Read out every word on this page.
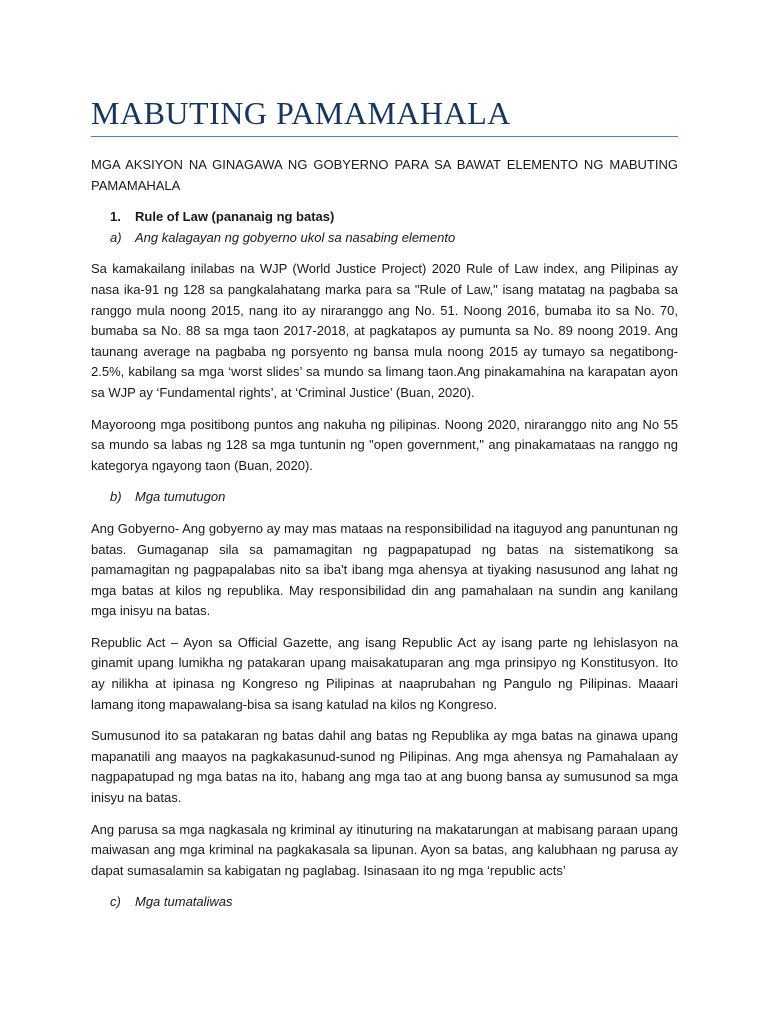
MABUTING PAMAMAHALA

MGA AKSIYON NA GINAGAWA NG GOBYERNO PARA SA BAWAT ELEMENTO NG MABUTING PAMAMAHALA

1.	Rule of Law (pananaig ng batas)

a)	Ang kalagayan ng gobyerno ukol sa nasabing elemento

Sa kamakailang inilabas na WJP (World Justice Project) 2020 Rule of Law index, ang Pilipinas ay nasa ika-91 ng 128 sa pangkalahatang marka para sa "Rule of Law," isang matatag na pagbaba sa ranggo mula noong 2015, nang ito ay niraranggo ang No. 51. Noong 2016, bumaba ito sa No. 70, bumaba sa No. 88 sa mga taon 2017-2018, at pagkatapos ay pumunta sa No. 89 noong 2019. Ang taunang average na pagbaba ng porsyento ng bansa mula noong 2015 ay tumayo sa negatibong-2.5%, kabilang sa mga ‘worst slides’ sa mundo sa limang taon.Ang pinakamahina na karapatan ayon sa WJP ay ‘Fundamental rights’, at ‘Criminal Justice’ (Buan, 2020).

Mayoroong mga positibong puntos ang nakuha ng pilipinas. Noong 2020, niraranggo nito ang No 55 sa mundo sa labas ng 128 sa mga tuntunin ng "open government," ang pinakamataas na ranggo ng kategorya ngayong taon (Buan, 2020).

b)	Mga tumutugon

Ang Gobyerno- Ang gobyerno ay may mas mataas na responsibilidad na itaguyod ang panuntunan ng batas. Gumaganap sila sa pamamagitan ng pagpapatupad ng batas na sistematikong sa pamamagitan ng pagpapalabas nito sa iba't ibang mga ahensya at tiyaking nasusunod ang lahat ng mga batas at kilos ng republika. May responsibilidad din ang pamahalaan na sundin ang kanilang mga inisyu na batas.

Republic Act – Ayon sa Official Gazette, ang isang Republic Act ay isang parte ng lehislasyon na ginamit upang lumikha ng patakaran upang maisakatuparan ang mga prinsipyo ng Konstitusyon. Ito ay nilikha at ipinasa ng Kongreso ng Pilipinas at naaprubahan ng Pangulo ng Pilipinas. Maaari lamang itong mapawalang-bisa sa isang katulad na kilos ng Kongreso.

Sumusunod ito sa patakaran ng batas dahil ang batas ng Republika ay mga batas na ginawa upang mapanatili ang maayos na pagkakasunud-sunod ng Pilipinas. Ang mga ahensya ng Pamahalaan ay nagpapatupad ng mga batas na ito, habang ang mga tao at ang buong bansa ay sumusunod sa mga inisyu na batas.

Ang parusa sa mga nagkasala ng kriminal ay itinuturing na makatarungan at mabisang paraan upang maiwasan ang mga kriminal na pagkakasala sa lipunan. Ayon sa batas, ang kalubhaan ng parusa ay dapat sumasalamin sa kabigatan ng paglabag. Isinasaan ito ng mga ‘republic acts’

c)	Mga tumataliwas
